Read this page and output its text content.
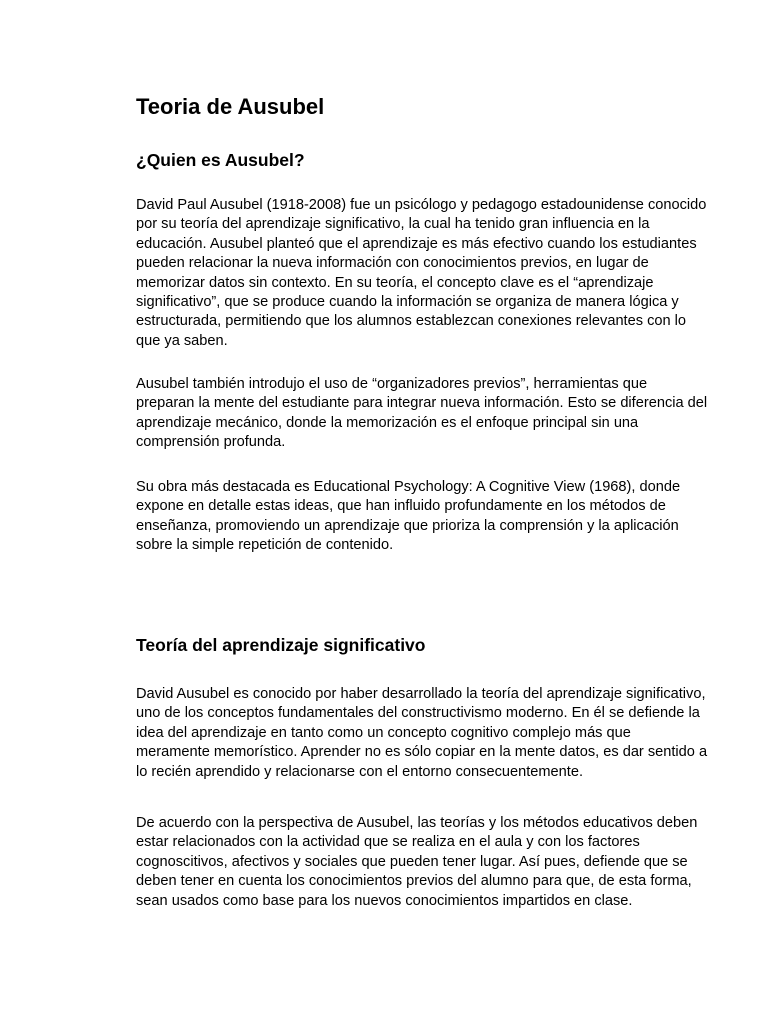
Teoria de Ausubel
¿Quien es Ausubel?

David Paul Ausubel (1918-2008) fue un psicólogo y pedagogo estadounidense conocido por su teoría del aprendizaje significativo, la cual ha tenido gran influencia en la educación. Ausubel planteó que el aprendizaje es más efectivo cuando los estudiantes pueden relacionar la nueva información con conocimientos previos, en lugar de memorizar datos sin contexto. En su teoría, el concepto clave es el “aprendizaje significativo”, que se produce cuando la información se organiza de manera lógica y estructurada, permitiendo que los alumnos establezcan conexiones relevantes con lo que ya saben.

Ausubel también introdujo el uso de “organizadores previos”, herramientas que preparan la mente del estudiante para integrar nueva información. Esto se diferencia del aprendizaje mecánico, donde la memorización es el enfoque principal sin una comprensión profunda.

Su obra más destacada es Educational Psychology: A Cognitive View (1968), donde expone en detalle estas ideas, que han influido profundamente en los métodos de enseñanza, promoviendo un aprendizaje que prioriza la comprensión y la aplicación sobre la simple repetición de contenido.

Teoría del aprendizaje significativo

David Ausubel es conocido por haber desarrollado la teoría del aprendizaje significativo, uno de los conceptos fundamentales del constructivismo moderno. En él se defiende la idea del aprendizaje en tanto como un concepto cognitivo complejo más que meramente memorístico. Aprender no es sólo copiar en la mente datos, es dar sentido a lo recién aprendido y relacionarse con el entorno consecuentemente.

De acuerdo con la perspectiva de Ausubel, las teorías y los métodos educativos deben estar relacionados con la actividad que se realiza en el aula y con los factores cognoscitivos, afectivos y sociales que pueden tener lugar. Así pues, defiende que se deben tener en cuenta los conocimientos previos del alumno para que, de esta forma, sean usados como base para los nuevos conocimientos impartidos en clase.
